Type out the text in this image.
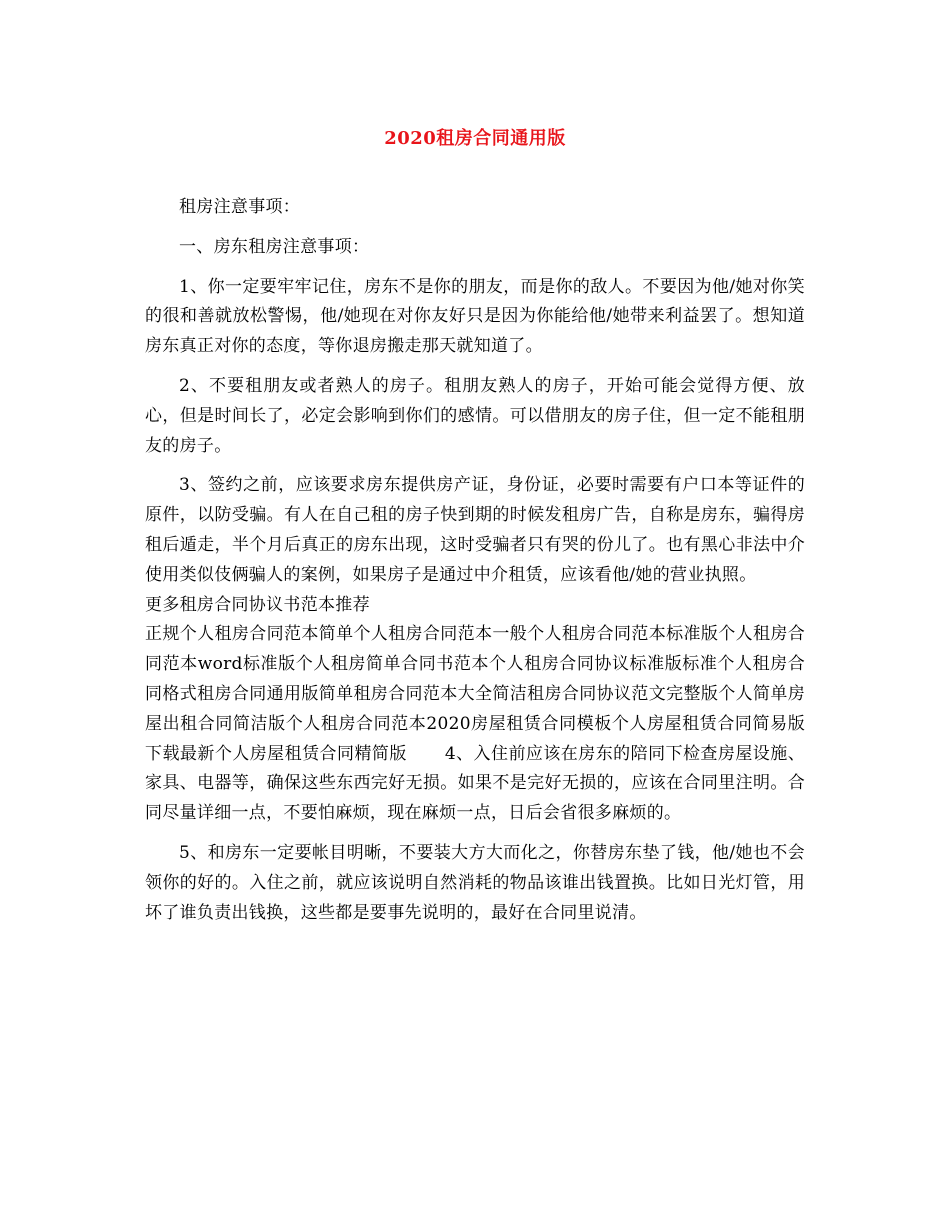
2020租房合同通用版

租房注意事项：

一、房东租房注意事项：

1、你一定要牢牢记住，房东不是你的朋友，而是你的敌人。不要因为他/她对你笑的很和善就放松警惕，他/她现在对你友好只是因为你能给他/她带来利益罢了。想知道房东真正对你的态度，等你退房搬走那天就知道了。

2、不要租朋友或者熟人的房子。租朋友熟人的房子，开始可能会觉得方便、放心，但是时间长了，必定会影响到你们的感情。可以借朋友的房子住，但一定不能租朋友的房子。

3、签约之前，应该要求房东提供房产证，身份证，必要时需要有户口本等证件的原件，以防受骗。有人在自己租的房子快到期的时候发租房广告，自称是房东，骗得房租后遁走，半个月后真正的房东出现，这时受骗者只有哭的份儿了。也有黑心非法中介使用类似伎俩骗人的案例，如果房子是通过中介租赁，应该看他/她的营业执照。

更多租房合同协议书范本推荐

正规个人租房合同范本简单个人租房合同范本一般个人租房合同范本标准版个人租房合同范本word标准版个人租房简单合同书范本个人租房合同协议标准版标准个人租房合同格式租房合同通用版简单租房合同范本大全简洁租房合同协议范文完整版个人简单房屋出租合同简洁版个人租房合同范本2020房屋租赁合同模板个人房屋租赁合同简易版下载最新个人房屋租赁合同精简版 4、入住前应该在房东的陪同下检查房屋设施、家具、电器等，确保这些东西完好无损。如果不是完好无损的，应该在合同里注明。合同尽量详细一点，不要怕麻烦，现在麻烦一点，日后会省很多麻烦的。

5、和房东一定要帐目明晰，不要装大方大而化之，你替房东垫了钱，他/她也不会领你的好的。入住之前，就应该说明自然消耗的物品该谁出钱置换。比如日光灯管，用坏了谁负责出钱换，这些都是要事先说明的，最好在合同里说清。
